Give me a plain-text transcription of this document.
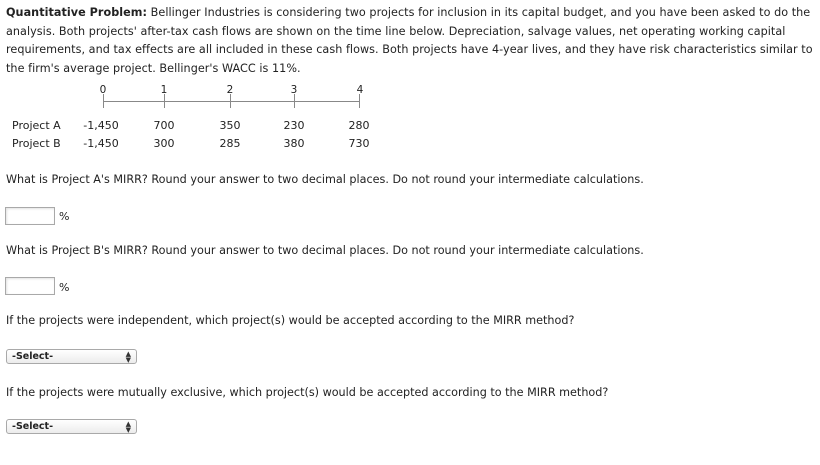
Quantitative Problem: Bellinger Industries is considering two projects for inclusion in its capital budget, and you have been asked to do the analysis. Both projects' after-tax cash flows are shown on the time line below. Depreciation, salvage values, net operating working capital requirements, and tax effects are all included in these cash flows. Both projects have 4-year lives, and they have risk characteristics similar to the firm's average project. Bellinger's WACC is 11%.
0	1	2	3	4
Project A	-1,450	700	350	230	280
Project B	-1,450	300	285	380	730
What is Project A's MIRR? Round your answer to two decimal places. Do not round your intermediate calculations.
%
What is Project B's MIRR? Round your answer to two decimal places. Do not round your intermediate calculations.
%
If the projects were independent, which project(s) would be accepted according to the MIRR method?
-Select-	▲
▼
If the projects were mutually exclusive, which project(s) would be accepted according to the MIRR method?
-Select-	▲
▼
